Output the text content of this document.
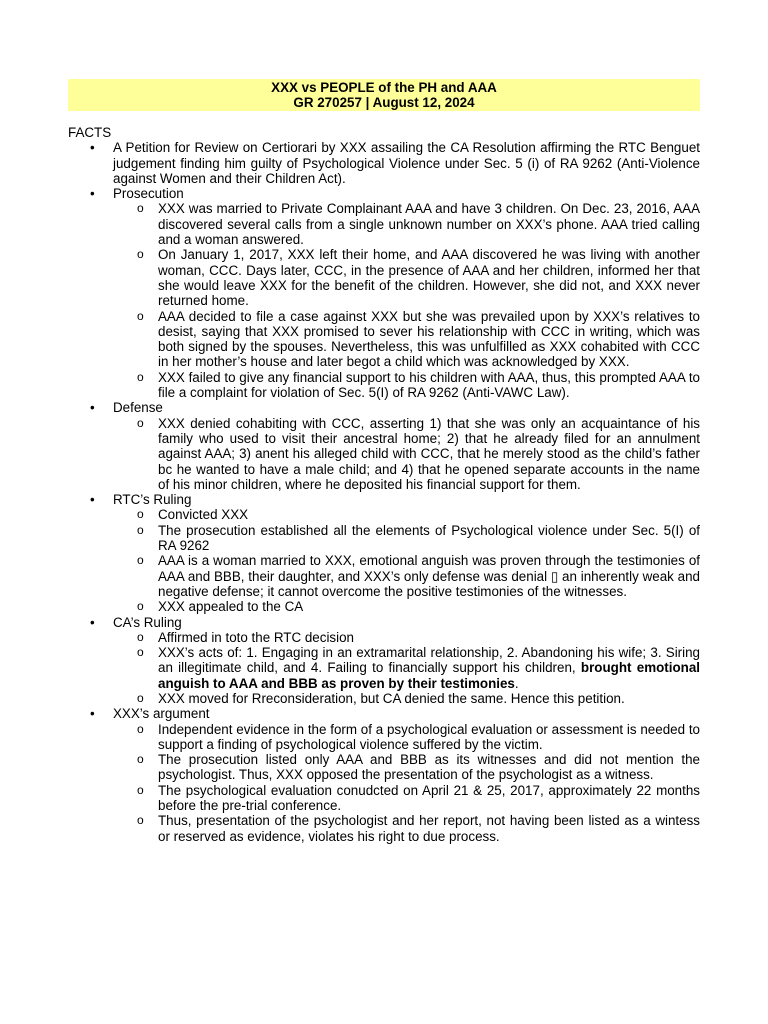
XXX vs PEOPLE of the PH and AAA
GR 270257 | August 12, 2024
FACTS
• A Petition for Review on Certiorari by XXX assailing the CA Resolution affirming the RTC Benguet judgement finding him guilty of Psychological Violence under Sec. 5 (i) of RA 9262 (Anti-Violence against Women and their Children Act).
• Prosecution
o XXX was married to Private Complainant AAA and have 3 children. On Dec. 23, 2016, AAA discovered several calls from a single unknown number on XXX’s phone. AAA tried calling and a woman answered.
o On January 1, 2017, XXX left their home, and AAA discovered he was living with another woman, CCC. Days later, CCC, in the presence of AAA and her children, informed her that she would leave XXX for the benefit of the children. However, she did not, and XXX never returned home.
o AAA decided to file a case against XXX but she was prevailed upon by XXX’s relatives to desist, saying that XXX promised to sever his relationship with CCC in writing, which was both signed by the spouses. Nevertheless, this was unfulfilled as XXX cohabited with CCC in her mother’s house and later begot a child which was acknowledged by XXX.
o XXX failed to give any financial support to his children with AAA, thus, this prompted AAA to file a complaint for violation of Sec. 5(I) of RA 9262 (Anti-VAWC Law).
• Defense
o XXX denied cohabiting with CCC, asserting 1) that she was only an acquaintance of his family who used to visit their ancestral home; 2) that he already filed for an annulment against AAA; 3) anent his alleged child with CCC, that he merely stood as the child’s father bc he wanted to have a male child; and 4) that he opened separate accounts in the name of his minor children, where he deposited his financial support for them.
• RTC’s Ruling
o Convicted XXX
o The prosecution established all the elements of Psychological violence under Sec. 5(I) of RA 9262
o AAA is a woman married to XXX, emotional anguish was proven through the testimonies of AAA and BBB, their daughter, and XXX’s only defense was denial ▯ an inherently weak and negative defense; it cannot overcome the positive testimonies of the witnesses.
o XXX appealed to the CA
• CA’s Ruling
o Affirmed in toto the RTC decision
o XXX’s acts of: 1. Engaging in an extramarital relationship, 2. Abandoning his wife; 3. Siring an illegitimate child, and 4. Failing to financially support his children, brought emotional anguish to AAA and BBB as proven by their testimonies.
o XXX moved for Rreconsideration, but CA denied the same. Hence this petition.
• XXX’s argument
o Independent evidence in the form of a psychological evaluation or assessment is needed to support a finding of psychological violence suffered by the victim.
o The prosecution listed only AAA and BBB as its witnesses and did not mention the psychologist. Thus, XXX opposed the presentation of the psychologist as a witness.
o The psychological evaluation conudcted on April 21 & 25, 2017, approximately 22 months before the pre-trial conference.
o Thus, presentation of the psychologist and her report, not having been listed as a wintess or reserved as evidence, violates his right to due process.
